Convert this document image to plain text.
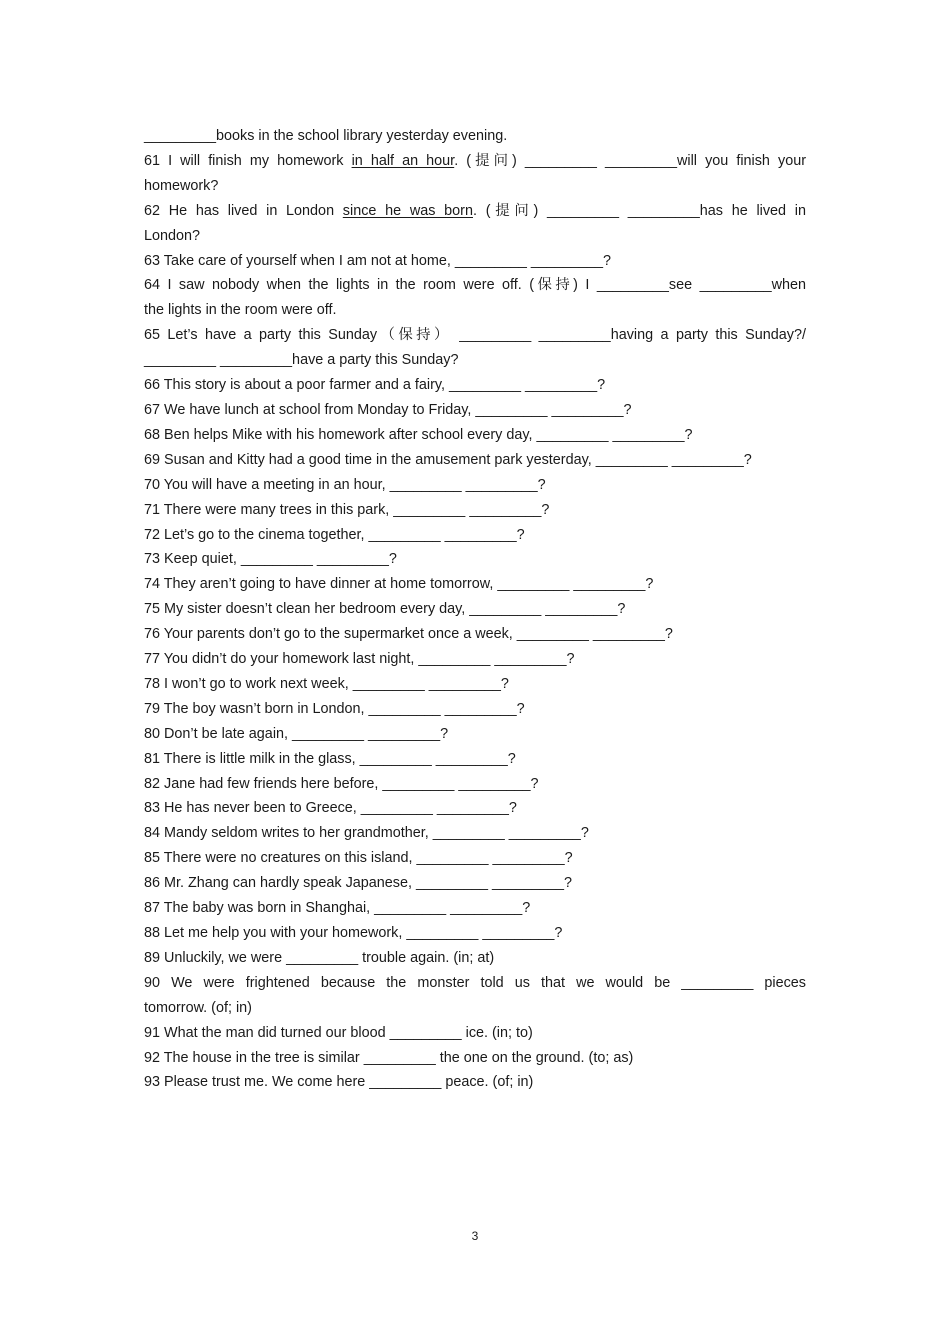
_________books in the school library yesterday evening.
61 I will finish my homework in half an hour. (提问) _________ _________will you finish your
homework?
62 He has lived in London since he was born. (提问) _________ _________has he lived in
London?
63 Take care of yourself when I am not at home, _________ _________?
64 I saw nobody when the lights in the room were off. (保持) I _________see _________when
the lights in the room were off.
65 Let’s have a party this Sunday（保持） _________ _________having a party this Sunday?/
_________ _________have a party this Sunday?
66 This story is about a poor farmer and a fairy, _________ _________?
67 We have lunch at school from Monday to Friday, _________ _________?
68 Ben helps Mike with his homework after school every day, _________ _________?
69 Susan and Kitty had a good time in the amusement park yesterday, _________ _________?
70 You will have a meeting in an hour, _________ _________?
71 There were many trees in this park, _________ _________?
72 Let’s go to the cinema together, _________ _________?
73 Keep quiet, _________ _________?
74 They aren’t going to have dinner at home tomorrow, _________ _________?
75 My sister doesn’t clean her bedroom every day, _________ _________?
76 Your parents don’t go to the supermarket once a week, _________ _________?
77 You didn’t do your homework last night, _________ _________?
78 I won’t go to work next week, _________ _________?
79 The boy wasn’t born in London, _________ _________?
80 Don’t be late again, _________ _________?
81 There is little milk in the glass, _________ _________?
82 Jane had few friends here before, _________ _________?
83 He has never been to Greece, _________ _________?
84 Mandy seldom writes to her grandmother, _________ _________?
85 There were no creatures on this island, _________ _________?
86 Mr. Zhang can hardly speak Japanese, _________ _________?
87 The baby was born in Shanghai, _________ _________?
88 Let me help you with your homework, _________ _________?
89 Unluckily, we were _________ trouble again. (in; at)
90 We were frightened because the monster told us that we would be _________ pieces
tomorrow. (of; in)
91 What the man did turned our blood _________ ice. (in; to)
92 The house in the tree is similar _________ the one on the ground. (to; as)
93 Please trust me. We come here _________ peace. (of; in)
3
